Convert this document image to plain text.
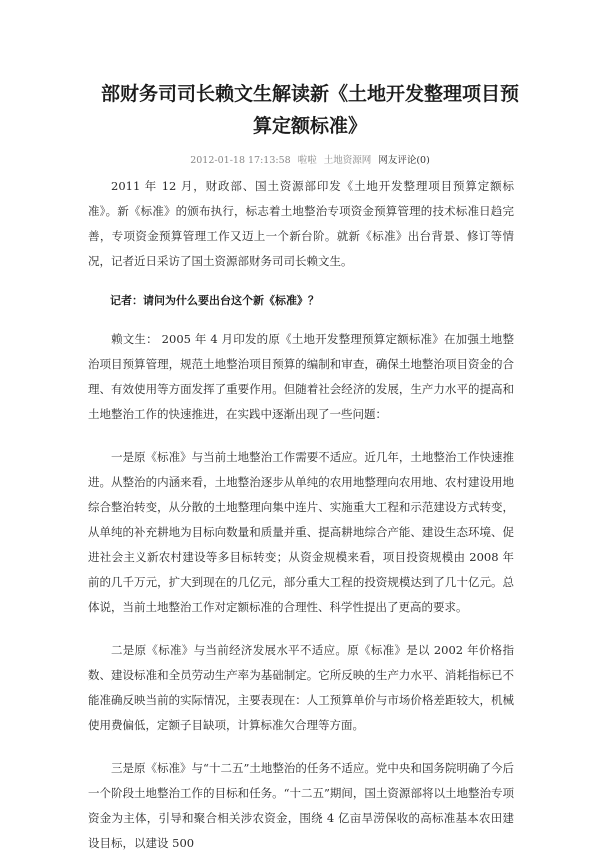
部财务司司长赖文生解读新《土地开发整理项目预算定额标准》
2012-01-18 17:13:58 啦啦 土地资源网 网友评论(0)

2011 年 12 月，财政部、国土资源部印发《土地开发整理项目预算定额标准》。新《标准》的颁布执行，标志着土地整治专项资金预算管理的技术标准日趋完善，专项资金预算管理工作又迈上一个新台阶。就新《标准》出台背景、修订等情况，记者近日采访了国土资源部财务司司长赖文生。

记者：请问为什么要出台这个新《标准》？

赖文生： 2005 年 4 月印发的原《土地开发整理预算定额标准》在加强土地整治项目预算管理，规范土地整治项目预算的编制和审查，确保土地整治项目资金的合理、有效使用等方面发挥了重要作用。但随着社会经济的发展，生产力水平的提高和土地整治工作的快速推进，在实践中逐渐出现了一些问题：

一是原《标准》与当前土地整治工作需要不适应。近几年，土地整治工作快速推进。从整治的内涵来看，土地整治逐步从单纯的农用地整理向农用地、农村建设用地综合整治转变，从分散的土地整理向集中连片、实施重大工程和示范建设方式转变，从单纯的补充耕地为目标向数量和质量并重、提高耕地综合产能、建设生态环境、促进社会主义新农村建设等多目标转变；从资金规模来看，项目投资规模由 2008 年前的几千万元，扩大到现在的几亿元，部分重大工程的投资规模达到了几十亿元。总体说，当前土地整治工作对定额标准的合理性、科学性提出了更高的要求。

二是原《标准》与当前经济发展水平不适应。原《标准》是以 2002 年价格指数、建设标准和全员劳动生产率为基础制定。它所反映的生产力水平、消耗指标已不能准确反映当前的实际情况，主要表现在：人工预算单价与市场价格差距较大，机械使用费偏低，定额子目缺项，计算标准欠合理等方面。

三是原《标准》与“十二五”土地整治的任务不适应。党中央和国务院明确了今后一个阶段土地整治工作的目标和任务。“十二五”期间，国土资源部将以土地整治专项资金为主体，引导和聚合相关涉农资金，围绕 4 亿亩旱涝保收的高标准基本农田建设目标，以建设 500
